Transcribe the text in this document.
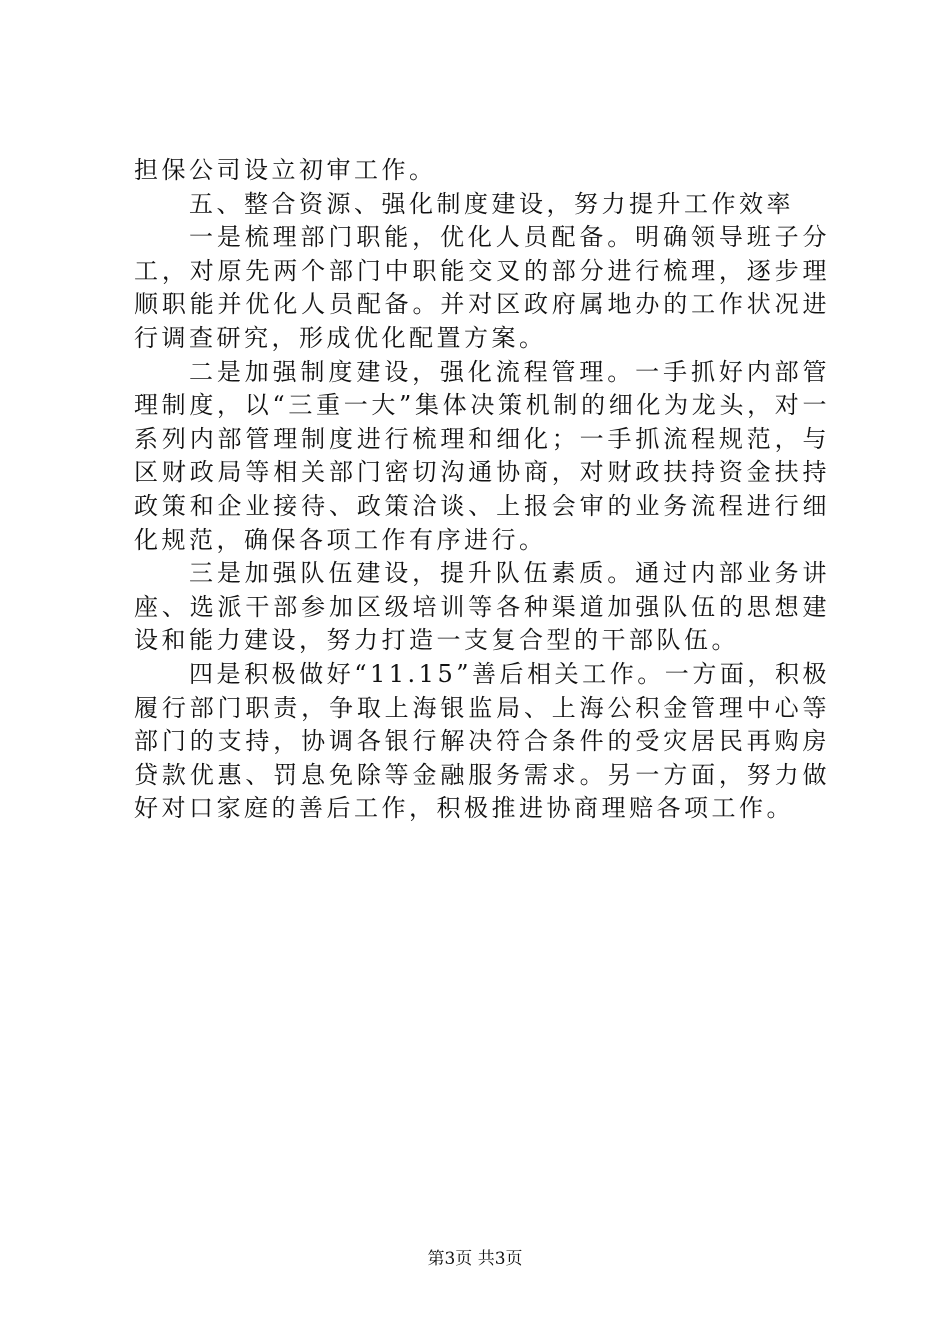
担保公司设立初审工作。

五、整合资源、强化制度建设，努力提升工作效率

一是梳理部门职能，优化人员配备。明确领导班子分工，对原先两个部门中职能交叉的部分进行梳理，逐步理顺职能并优化人员配备。并对区政府属地办的工作状况进行调查研究，形成优化配置方案。

二是加强制度建设，强化流程管理。一手抓好内部管理制度，以“三重一大”集体决策机制的细化为龙头，对一系列内部管理制度进行梳理和细化；一手抓流程规范，与区财政局等相关部门密切沟通协商，对财政扶持资金扶持政策和企业接待、政策洽谈、上报会审的业务流程进行细化规范，确保各项工作有序进行。

三是加强队伍建设，提升队伍素质。通过内部业务讲座、选派干部参加区级培训等各种渠道加强队伍的思想建设和能力建设，努力打造一支复合型的干部队伍。

四是积极做好“11.15”善后相关工作。一方面，积极履行部门职责，争取上海银监局、上海公积金管理中心等部门的支持，协调各银行解决符合条件的受灾居民再购房贷款优惠、罚息免除等金融服务需求。另一方面，努力做好对口家庭的善后工作，积极推进协商理赔各项工作。

第3页 共3页
